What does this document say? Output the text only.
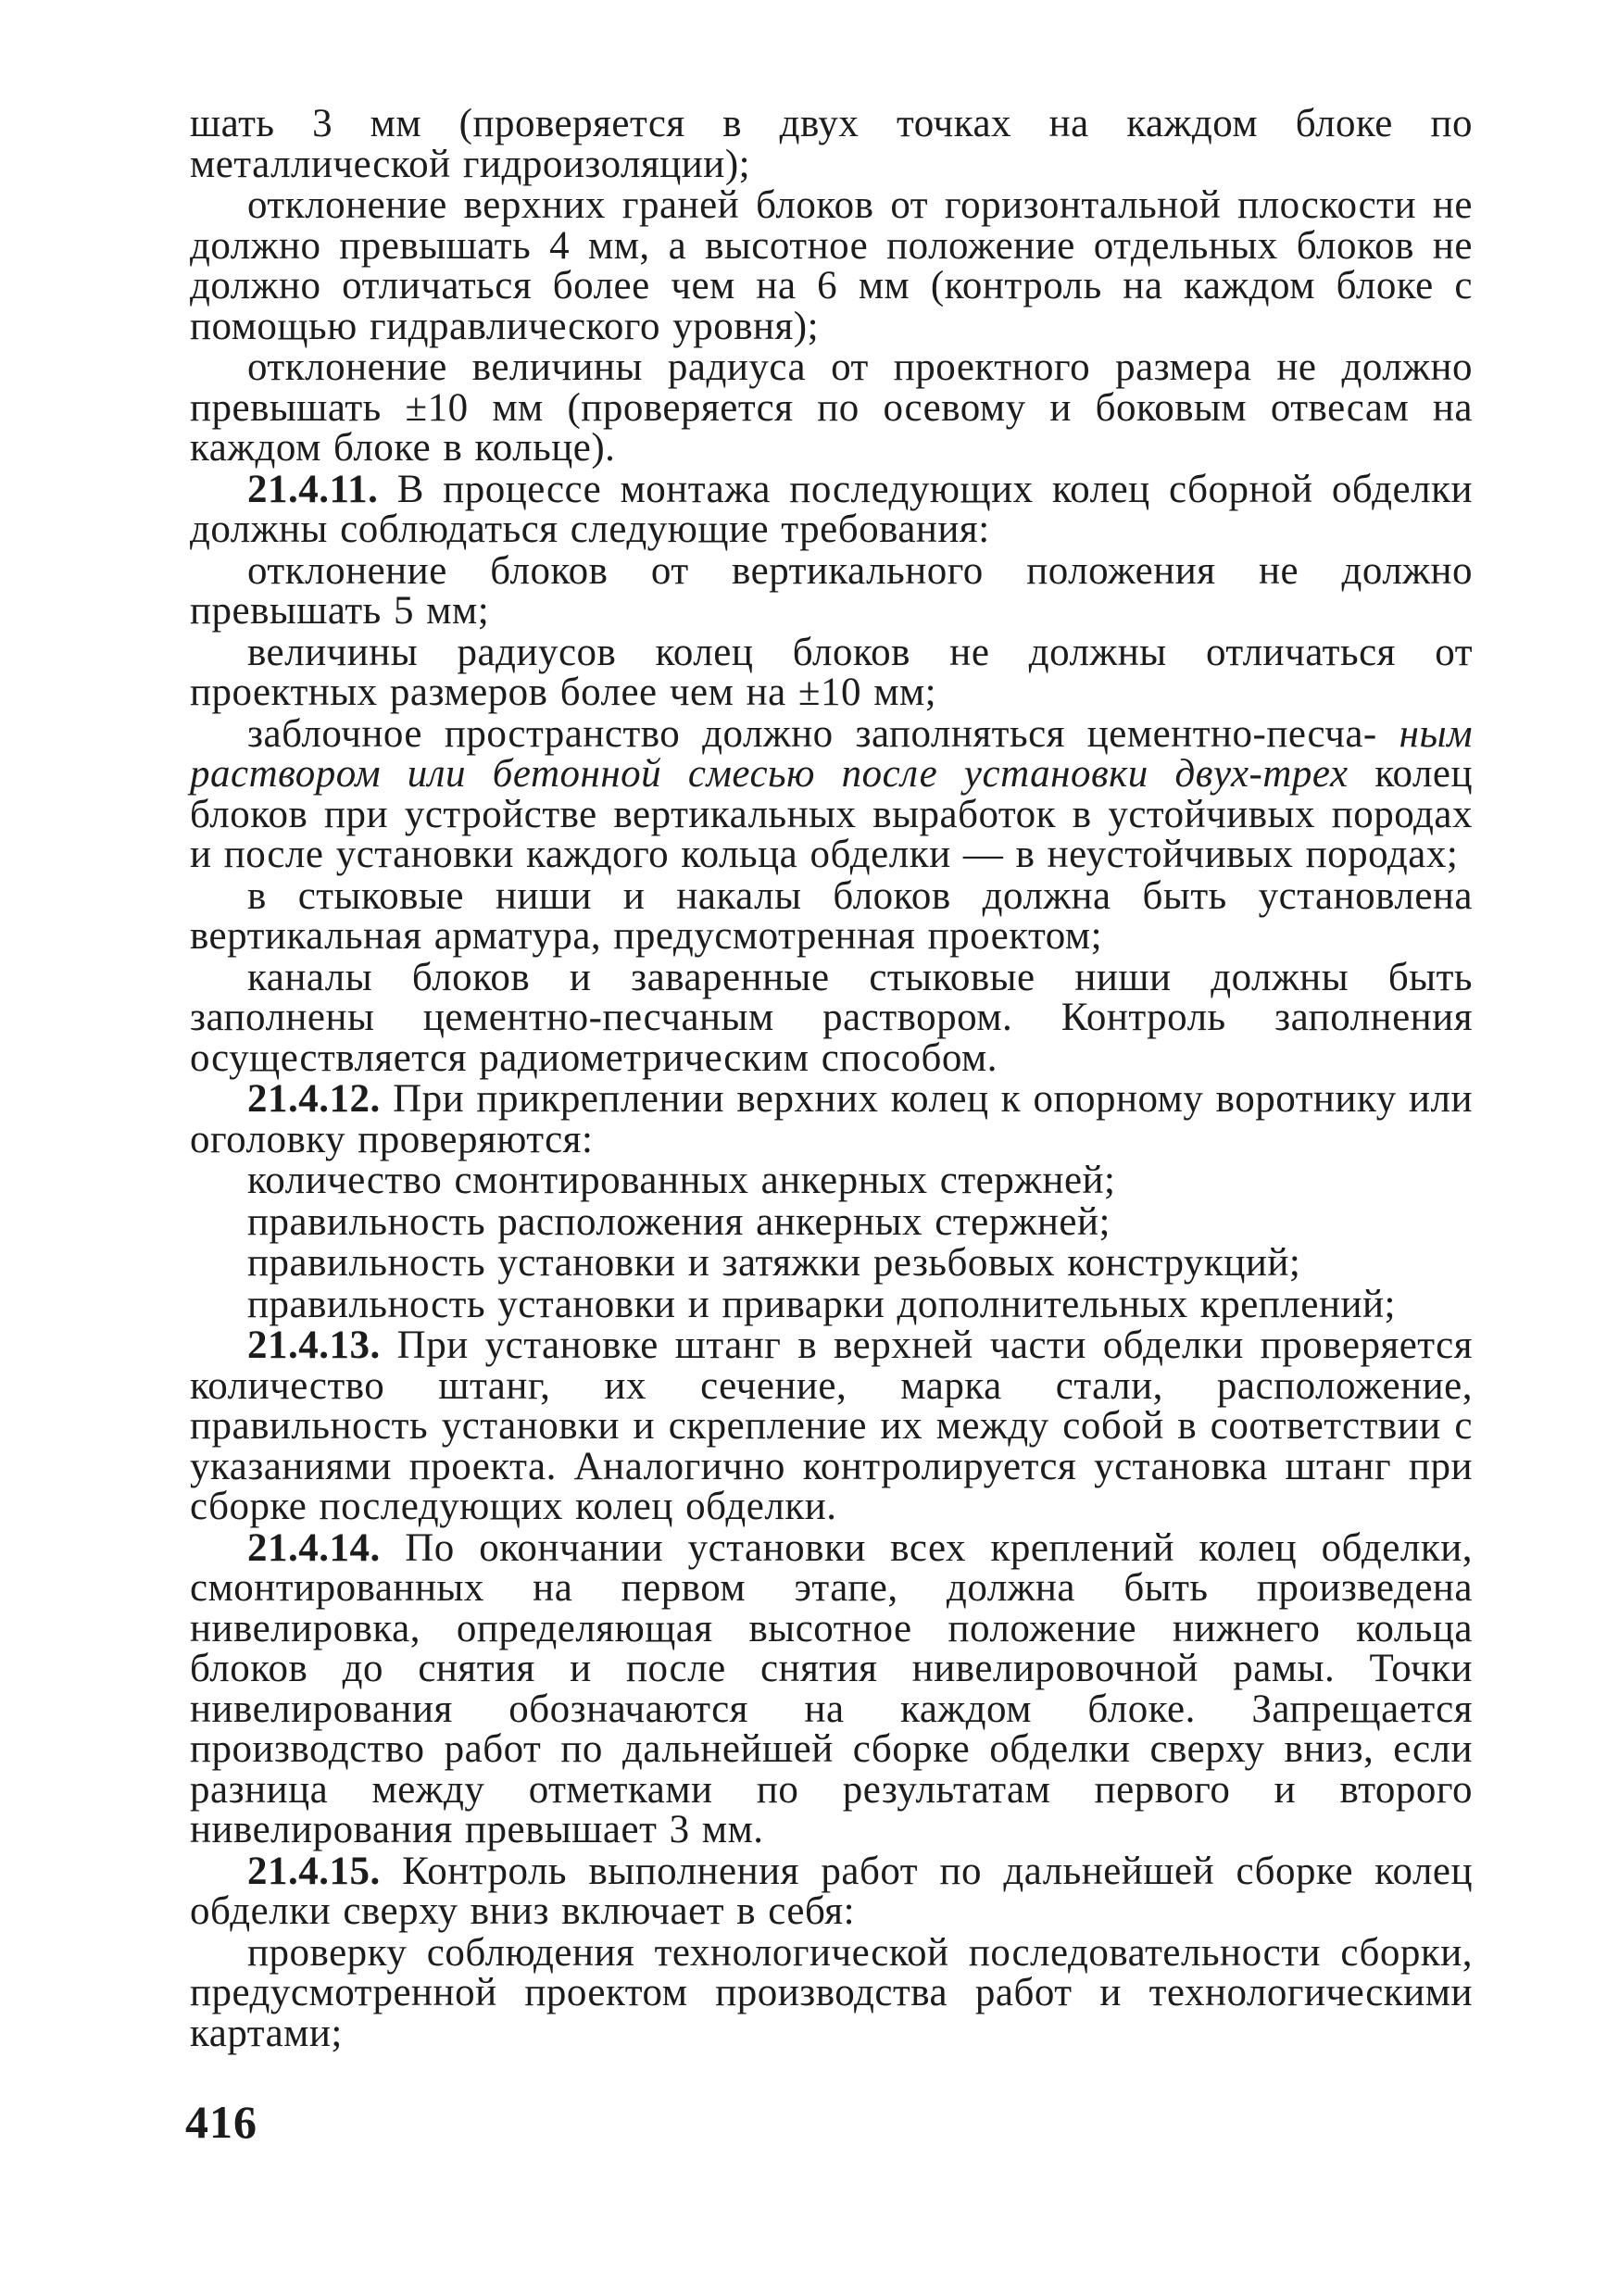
шать 3 мм (проверяется в двух точках на каждом блоке по металлической гидроизоляции);

отклонение верхних граней блоков от горизонтальной плоскости не должно превышать 4 мм, а высотное положение отдельных блоков не должно отличаться более чем на 6 мм (контроль на каждом блоке с помощью гидравлического уровня);

отклонение величины радиуса от проектного размера не должно превышать ±10 мм (проверяется по осевому и боковым отвесам на каждом блоке в кольце).

21.4.11. В процессе монтажа последующих колец сборной обделки должны соблюдаться следующие требования:

отклонение блоков от вертикального положения не должно превышать 5 мм;

величины радиусов колец блоков не должны отличаться от проектных размеров более чем на ±10 мм;

заблочное пространство должно заполняться цементно-песча- ным раствором или бетонной смесью после установки двух-трех колец блоков при устройстве вертикальных выработок в устойчивых породах и после установки каждого кольца обделки — в неустойчивых породах;

в стыковые ниши и накалы блоков должна быть установлена вертикальная арматура, предусмотренная проектом;

каналы блоков и заваренные стыковые ниши должны быть заполнены цементно-песчаным раствором. Контроль заполнения осуществляется радиометрическим способом.

21.4.12. При прикреплении верхних колец к опорному воротнику или оголовку проверяются:

количество смонтированных анкерных стержней;

правильность расположения анкерных стержней;

правильность установки и затяжки резьбовых конструкций;

правильность установки и приварки дополнительных креплений;

21.4.13. При установке штанг в верхней части обделки проверяется количество штанг, их сечение, марка стали, расположение, правильность установки и скрепление их между собой в соответствии с указаниями проекта. Аналогично контролируется установка штанг при сборке последующих колец обделки.

21.4.14. По окончании установки всех креплений колец обделки, смонтированных на первом этапе, должна быть произведена нивелировка, определяющая высотное положение нижнего кольца блоков до снятия и после снятия нивелировочной рамы. Точки нивелирования обозначаются на каждом блоке. Запрещается производство работ по дальнейшей сборке обделки сверху вниз, если разница между отметками по результатам первого и второго нивелирования превышает 3 мм.

21.4.15. Контроль выполнения работ по дальнейшей сборке колец обделки сверху вниз включает в себя:

проверку соблюдения технологической последовательности сборки, предусмотренной проектом производства работ и технологическими картами;

416
